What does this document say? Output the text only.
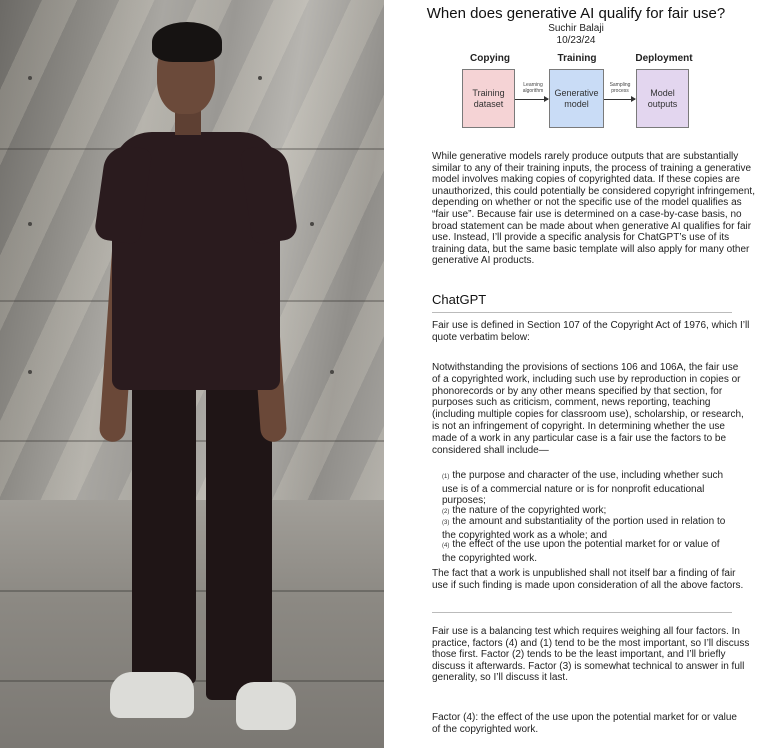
When does generative AI qualify for fair use?
Suchir Balaji
10/23/24
Copying	Training	Deployment
Training dataset
Generative model
Model outputs
Learning algorithm
Sampling process

While generative models rarely produce outputs that are substantially similar to any of their training inputs, the process of training a generative model involves making copies of copyrighted data. If these copies are unauthorized, this could potentially be considered copyright infringement, depending on whether or not the specific use of the model qualifies as “fair use”. Because fair use is determined on a case-by-case basis, no broad statement can be made about when generative AI qualifies for fair use. Instead, I’ll provide a specific analysis for ChatGPT’s use of its training data, but the same basic template will also apply for many other generative AI products.

ChatGPT

Fair use is defined in Section 107 of the Copyright Act of 1976, which I’ll quote verbatim below:

Notwithstanding the provisions of sections 106 and 106A, the fair use of a copyrighted work, including such use by reproduction in copies or phonorecords or by any other means specified by that section, for purposes such as criticism, comment, news reporting, teaching (including multiple copies for classroom use), scholarship, or research, is not an infringement of copyright. In determining whether the use made of a work in any particular case is a fair use the factors to be considered shall include—

(1) the purpose and character of the use, including whether such use is of a commercial nature or is for nonprofit educational purposes;
(2) the nature of the copyrighted work;
(3) the amount and substantiality of the portion used in relation to the copyrighted work as a whole; and
(4) the effect of the use upon the potential market for or value of the copyrighted work.

The fact that a work is unpublished shall not itself bar a finding of fair use if such finding is made upon consideration of all the above factors.

Fair use is a balancing test which requires weighing all four factors. In practice, factors (4) and (1) tend to be the most important, so I’ll discuss those first. Factor (2) tends to be the least important, and I’ll briefly discuss it afterwards. Factor (3) is somewhat technical to answer in full generality, so I’ll discuss it last.

Factor (4): the effect of the use upon the potential market for or value of the copyrighted work.
